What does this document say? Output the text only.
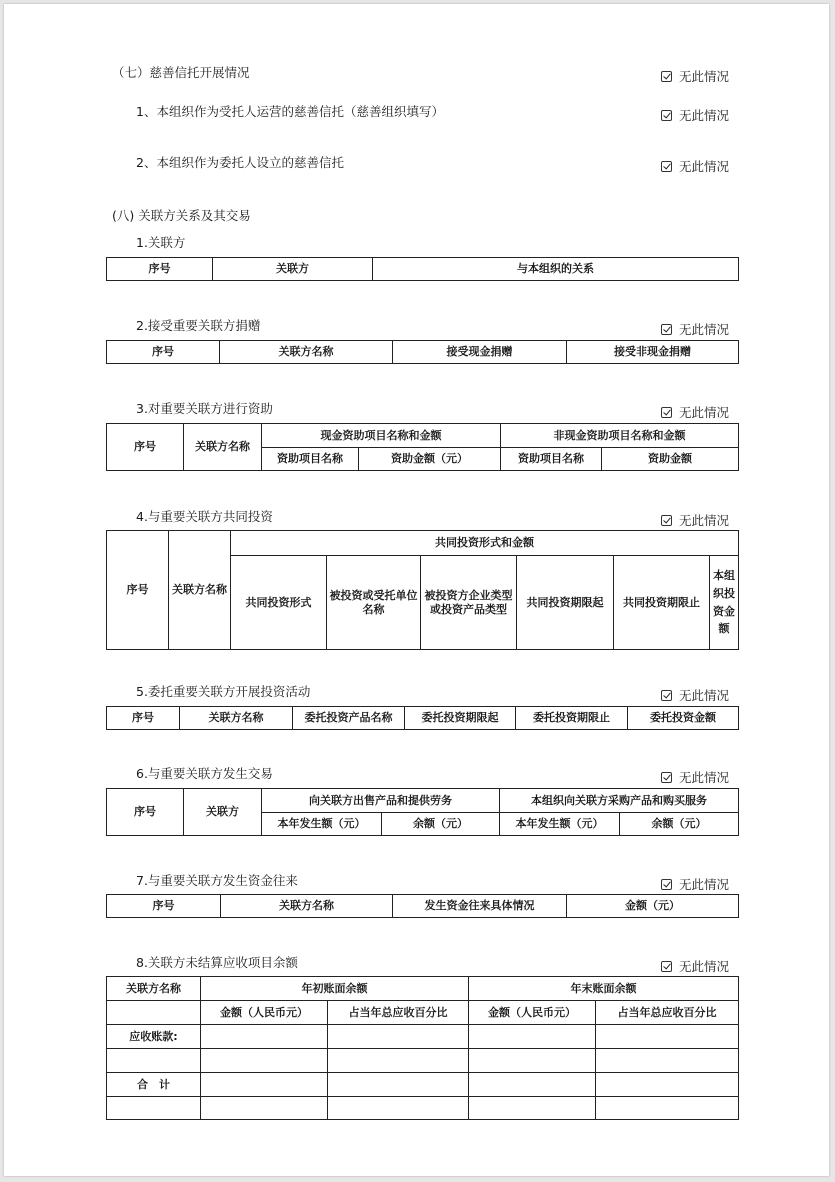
（七）慈善信托开展情况	无此情况
1、本组织作为受托人运营的慈善信托（慈善组织填写）	无此情况
2、本组织作为委托人设立的慈善信托	无此情况
(八) 关联方关系及其交易
1.关联方
序号	关联方	与本组织的关系
2.接受重要关联方捐赠	无此情况
序号	关联方名称	接受现金捐赠	接受非现金捐赠
3.对重要关联方进行资助	无此情况
序号	关联方名称	现金资助项目名称和金额		非现金资助项目名称和金额	
		资助项目名称	资助金额（元）	资助项目名称	资助金额
4.与重要关联方共同投资	无此情况
序号	关联方名称	共同投资形式和金额					
		共同投资形式	被投资或受托单位名称	被投资方企业类型或投资产品类型	共同投资期限起	共同投资期限止	本组织投资金额
5.委托重要关联方开展投资活动	无此情况
序号	关联方名称	委托投资产品名称	委托投资期限起	委托投资期限止	委托投资金额
6.与重要关联方发生交易	无此情况
序号	关联方	向关联方出售产品和提供劳务		本组织向关联方采购产品和购买服务	
		本年发生额（元）	余额（元）	本年发生额（元）	余额（元）
7.与重要关联方发生资金往来	无此情况
序号	关联方名称	发生资金往来具体情况	金额（元）
8.关联方未结算应收项目余额	无此情况
关联方名称	年初账面余额		年末账面余额	
	金额（人民币元）	占当年总应收百分比	金额（人民币元）	占当年总应收百分比
应收账款:				

合　计				
